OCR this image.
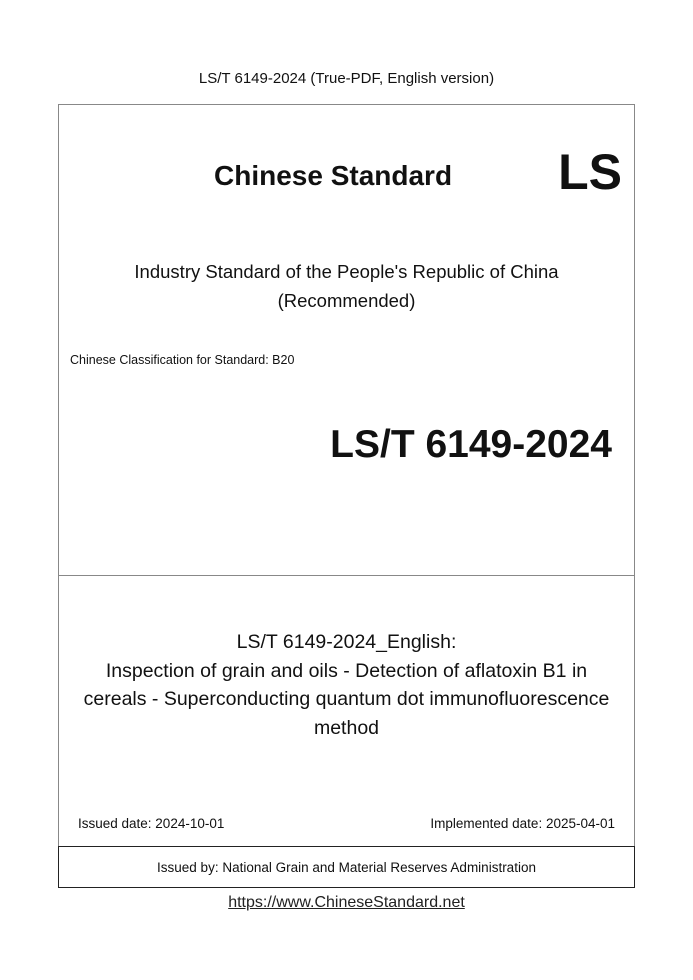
LS/T 6149-2024 (True-PDF, English version)
Chinese Standard LS
Industry Standard of the People's Republic of China
(Recommended)
Chinese Classification for Standard: B20
LS/T 6149-2024
LS/T 6149-2024_English:
Inspection of grain and oils - Detection of aflatoxin B1 in
cereals - Superconducting quantum dot immunofluorescence
method
Issued date: 2024-10-01	Implemented date: 2025-04-01
Issued by: National Grain and Material Reserves Administration
https://www.ChineseStandard.net
